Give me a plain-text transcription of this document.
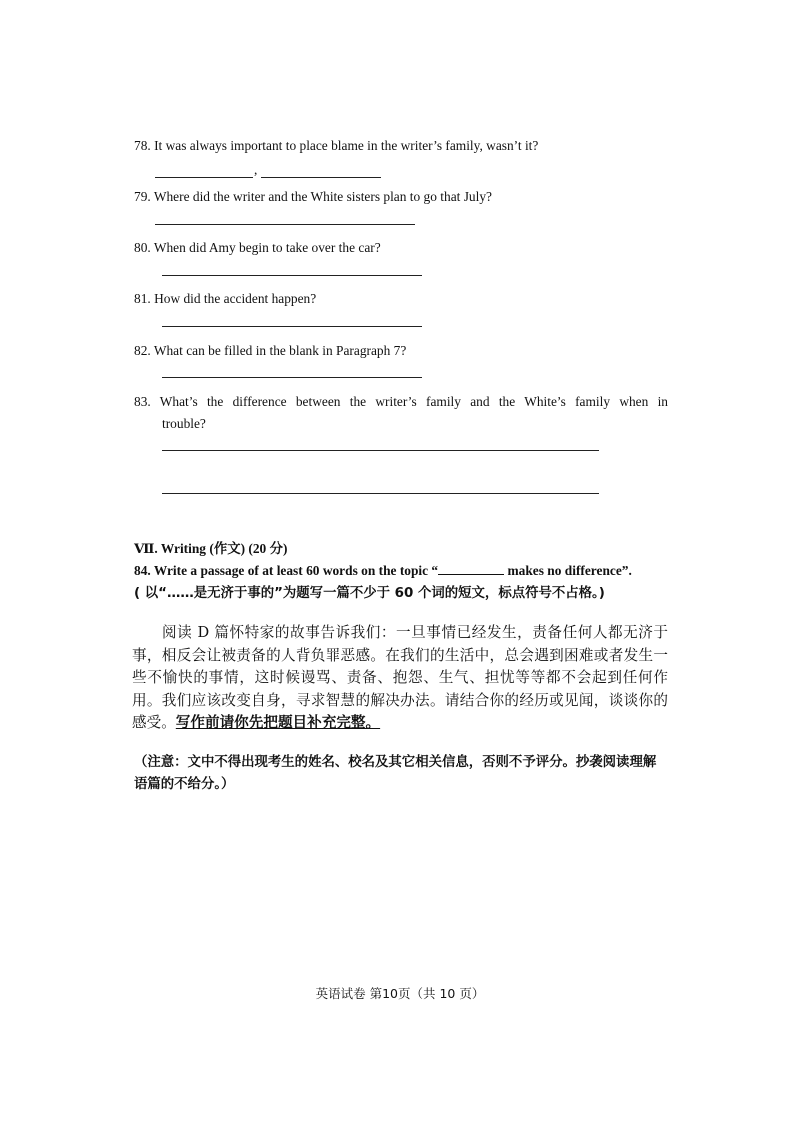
78. It was always important to place blame in the writer’s family, wasn’t it?
,
79. Where did the writer and the White sisters plan to go that July?
80. When did Amy begin to take over the car?
81. How did the accident happen?
82. What can be filled in the blank in Paragraph 7?
83. What’s the difference between the writer’s family and the White’s family when in
trouble?
Ⅶ. Writing (作文) (20 分)
84. Write a passage of at least 60 words on the topic “	makes no difference”.
( 以“……是无济于事的”为题写一篇不少于 60 个词的短文，标点符号不占格。)
阅读 D 篇怀特家的故事告诉我们：一旦事情已经发生，责备任何人都无济于事，相反会让被责备的人背负罪恶感。在我们的生活中，总会遇到困难或者发生一些不愉快的事情，这时候谩骂、责备、抱怨、生气、担忧等等都不会起到任何作用。我们应该改变自身，寻求智慧的解决办法。请结合你的经历或见闻，谈谈你的感受。写作前请你先把题目补充完整。
（注意：文中不得出现考生的姓名、校名及其它相关信息，否则不予评分。抄袭阅读理解语篇的不给分。）
英语试卷 第10页（共 10 页）
